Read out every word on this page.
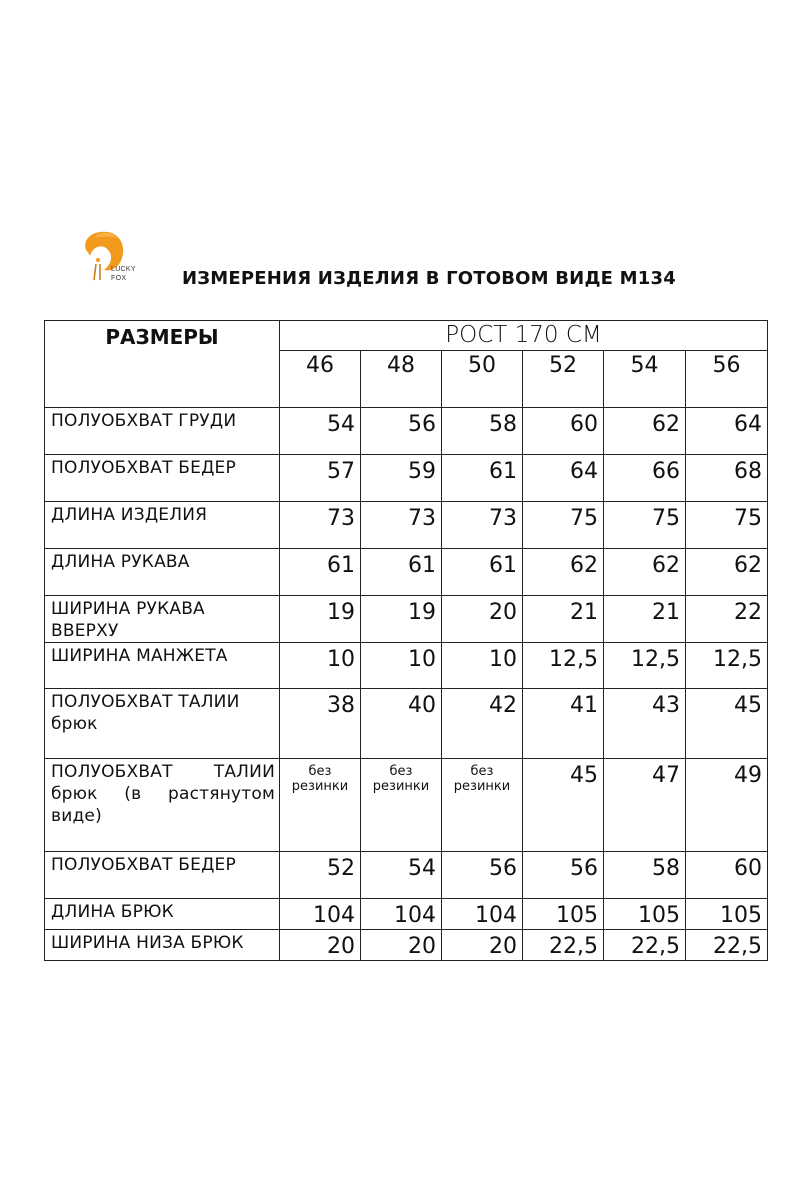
LUCKY
FOX	ИЗМЕРЕНИЯ ИЗДЕЛИЯ В ГОТОВОМ ВИДЕ М134
РАЗМЕРЫ	РОСТ 170 СМ					
	46	48	50	52	54	56
ПОЛУОБХВАТ ГРУДИ	54	56	58	60	62	64
ПОЛУОБХВАТ БЕДЕР	57	59	61	64	66	68
ДЛИНА ИЗДЕЛИЯ	73	73	73	75	75	75
ДЛИНА РУКАВА	61	61	61	62	62	62
ШИРИНА РУКАВА ВВЕРХУ	19	19	20	21	21	22
ШИРИНА МАНЖЕТА	10	10	10	12,5	12,5	12,5
ПОЛУОБХВАТ ТАЛИИ брюк	38	40	42	41	43	45
ПОЛУОБХВАТ ТАЛИИ брюк (в растянутом виде)	без резинки	без резинки	без резинки	45	47	49
ПОЛУОБХВАТ БЕДЕР	52	54	56	56	58	60
ДЛИНА БРЮК	104	104	104	105	105	105
ШИРИНА НИЗА БРЮК	20	20	20	22,5	22,5	22,5
